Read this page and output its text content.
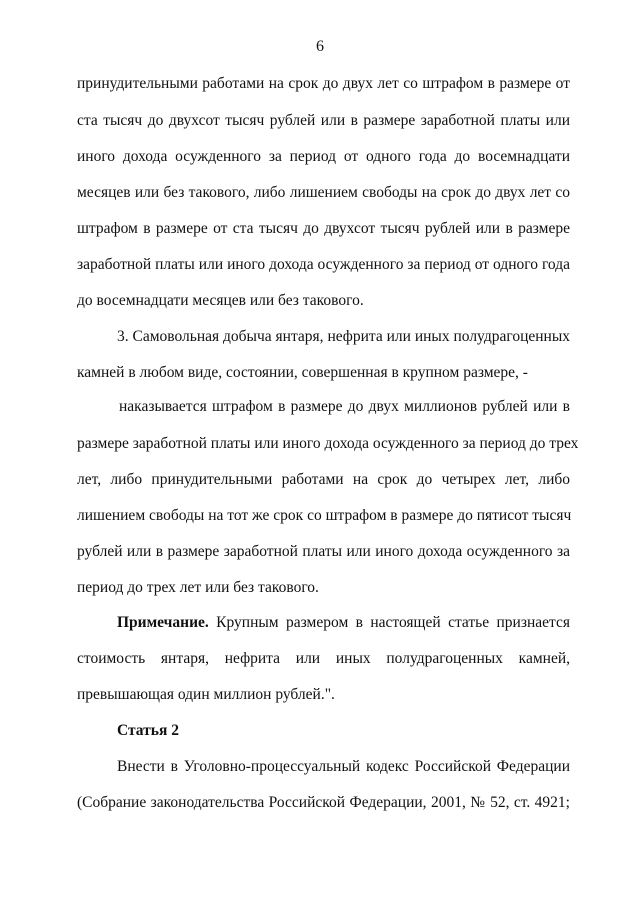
6
принудительными работами на срок до двух лет со штрафом в размере от
ста тысяч до двухсот тысяч рублей или в размере заработной платы или
иного дохода осужденного за период от одного года до восемнадцати
месяцев или без такового, либо лишением свободы на срок до двух лет со
штрафом в размере от ста тысяч до двухсот тысяч рублей или в размере
заработной платы или иного дохода осужденного за период от одного года
до восемнадцати месяцев или без такового.
3. Самовольная добыча янтаря, нефрита или иных полудрагоценных
камней в любом виде, состоянии, совершенная в крупном размере, -
наказывается штрафом в размере до двух миллионов рублей или в
размере заработной платы или иного дохода осужденного за период до трех
лет, либо принудительными работами на срок до четырех лет, либо
лишением свободы на тот же срок со штрафом в размере до пятисот тысяч
рублей или в размере заработной платы или иного дохода осужденного за
период до трех лет или без такового.
Примечание. Крупным размером в настоящей статье признается
стоимость янтаря, нефрита или иных полудрагоценных камней,
превышающая один миллион рублей.".
Статья 2
Внести в Уголовно-процессуальный кодекс Российской Федерации
(Собрание законодательства Российской Федерации, 2001, № 52, ст. 4921;
